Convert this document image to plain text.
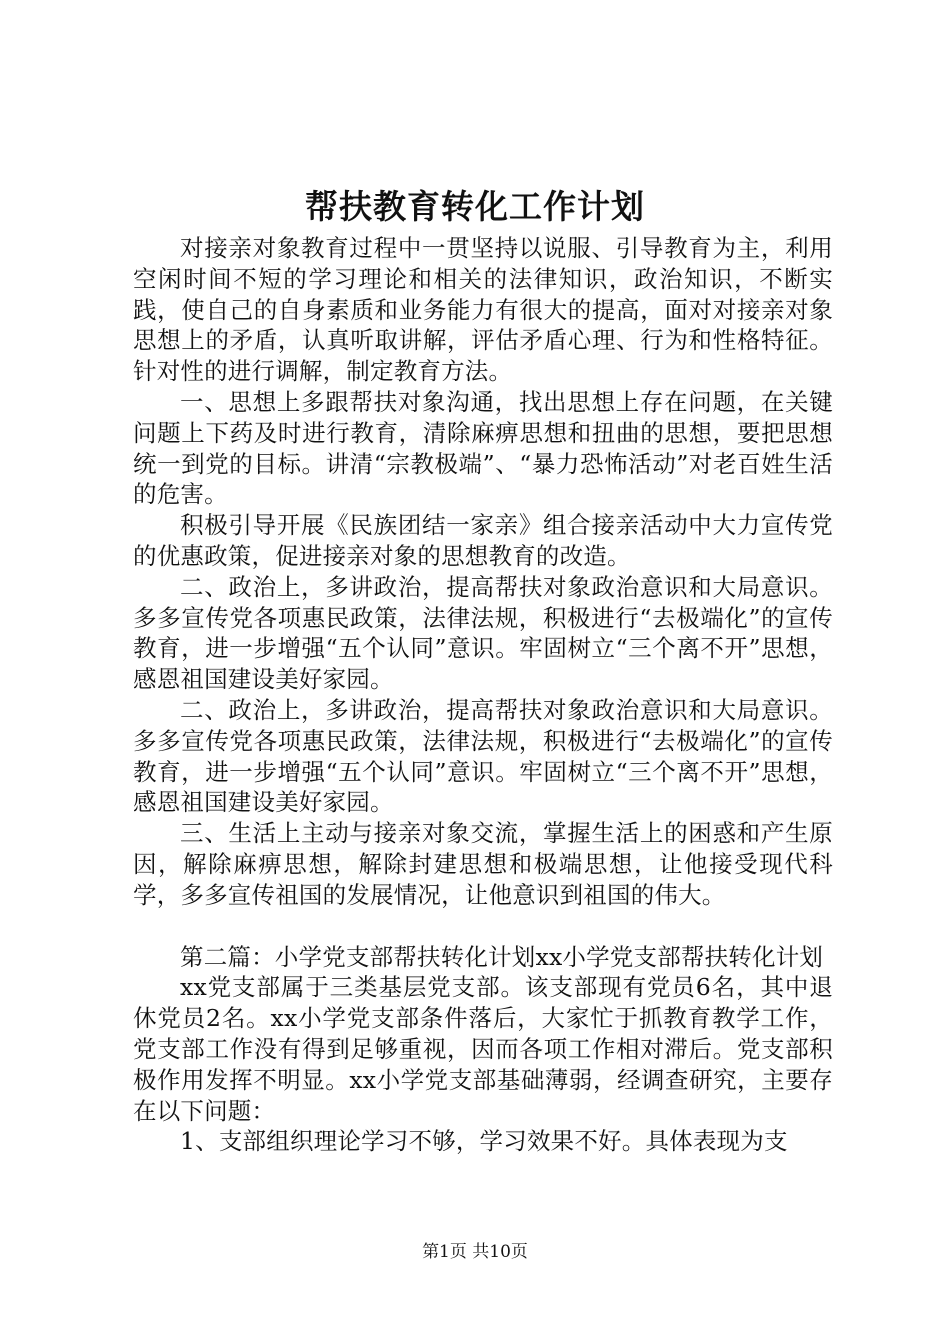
帮扶教育转化工作计划

对接亲对象教育过程中一贯坚持以说服、引导教育为主，利用空闲时间不短的学习理论和相关的法律知识，政治知识，不断实践，使自己的自身素质和业务能力有很大的提高，面对对接亲对象思想上的矛盾，认真听取讲解，评估矛盾心理、行为和性格特征。针对性的进行调解，制定教育方法。

一、思想上多跟帮扶对象沟通，找出思想上存在问题，在关键问题上下药及时进行教育，清除麻痹思想和扭曲的思想，要把思想统一到党的目标。讲清“宗教极端”、“暴力恐怖活动”对老百姓生活的危害。

积极引导开展《民族团结一家亲》组合接亲活动中大力宣传党的优惠政策，促进接亲对象的思想教育的改造。

二、政治上，多讲政治，提高帮扶对象政治意识和大局意识。多多宣传党各项惠民政策，法律法规，积极进行“去极端化”的宣传教育，进一步增强“五个认同”意识。牢固树立“三个离不开”思想，感恩祖国建设美好家园。

二、政治上，多讲政治，提高帮扶对象政治意识和大局意识。多多宣传党各项惠民政策，法律法规，积极进行“去极端化”的宣传教育，进一步增强“五个认同”意识。牢固树立“三个离不开”思想，感恩祖国建设美好家园。

三、生活上主动与接亲对象交流，掌握生活上的困惑和产生原因，解除麻痹思想，解除封建思想和极端思想，让他接受现代科学，多多宣传祖国的发展情况，让他意识到祖国的伟大。

第二篇：小学党支部帮扶转化计划xx小学党支部帮扶转化计划

xx党支部属于三类基层党支部。该支部现有党员6名，其中退休党员2名。xx小学党支部条件落后，大家忙于抓教育教学工作，党支部工作没有得到足够重视，因而各项工作相对滞后。党支部积极作用发挥不明显。xx小学党支部基础薄弱，经调查研究，主要存在以下问题：

1、支部组织理论学习不够，学习效果不好。具体表现为支

第1页 共10页
